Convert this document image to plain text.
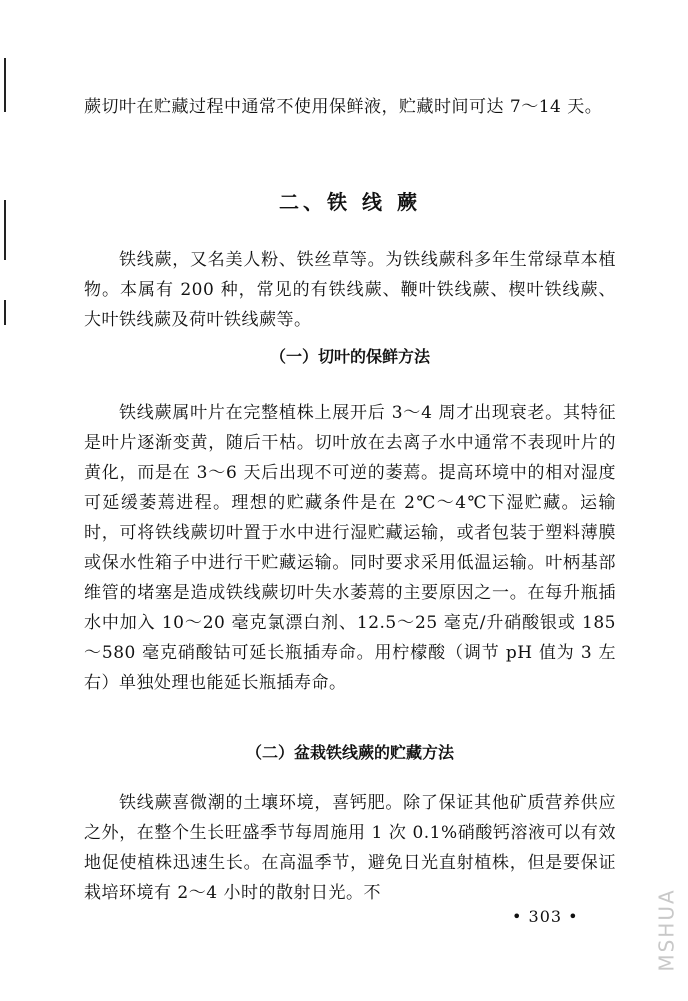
蕨切叶在贮藏过程中通常不使用保鲜液，贮藏时间可达 7～14 天。

二、铁 线 蕨

铁线蕨，又名美人粉、铁丝草等。为铁线蕨科多年生常绿草本植物。本属有 200 种，常见的有铁线蕨、鞭叶铁线蕨、楔叶铁线蕨、大叶铁线蕨及荷叶铁线蕨等。

（一）切叶的保鲜方法

铁线蕨属叶片在完整植株上展开后 3～4 周才出现衰老。其特征是叶片逐渐变黄，随后干枯。切叶放在去离子水中通常不表现叶片的黄化，而是在 3～6 天后出现不可逆的萎蔫。提高环境中的相对湿度可延缓萎蔫进程。理想的贮藏条件是在 2℃～4℃下湿贮藏。运输时，可将铁线蕨切叶置于水中进行湿贮藏运输，或者包装于塑料薄膜或保水性箱子中进行干贮藏运输。同时要求采用低温运输。叶柄基部维管的堵塞是造成铁线蕨切叶失水萎蔫的主要原因之一。在每升瓶插水中加入 10～20 毫克氯漂白剂、12.5～25 毫克/升硝酸银或 185～580 毫克硝酸钴可延长瓶插寿命。用柠檬酸（调节 pH 值为 3 左右）单独处理也能延长瓶插寿命。

（二）盆栽铁线蕨的贮藏方法

铁线蕨喜微潮的土壤环境，喜钙肥。除了保证其他矿质营养供应之外，在整个生长旺盛季节每周施用 1 次 0.1%硝酸钙溶液可以有效地促使植株迅速生长。在高温季节，避免日光直射植株，但是要保证栽培环境有 2～4 小时的散射日光。不

• 303 •	MSHUA
